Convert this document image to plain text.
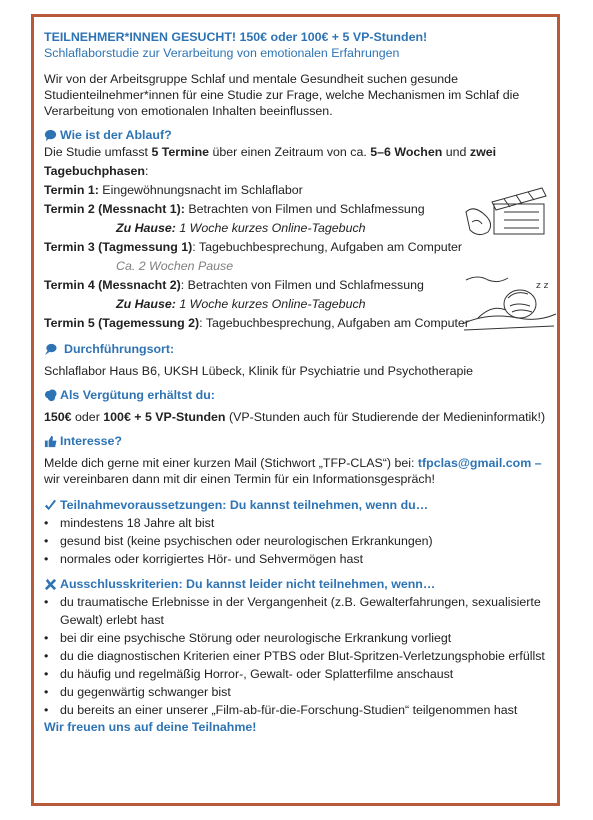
TEILNEHMER*INNEN GESUCHT! 150€ oder 100€ + 5 VP-Stunden!

Schlaflaborstudie zur Verarbeitung von emotionalen Erfahrungen

Wir von der Arbeitsgruppe Schlaf und mentale Gesundheit suchen gesunde Studienteilnehmer*innen für eine Studie zur Frage, welche Mechanismen im Schlaf die Verarbeitung von emotionalen Inhalten beeinflussen.

Wie ist der Ablauf?

Die Studie umfasst 5 Termine über einen Zeitraum von ca. 5–6 Wochen und zwei
Tagebuchphasen:

Termin 1: Eingewöhnungsnacht im Schlaflabor

Termin 2 (Messnacht 1): Betrachten von Filmen und Schlafmessung

Zu Hause: 1 Woche kurzes Online-Tagebuch

Termin 3 (Tagmessung 1): Tagebuchbesprechung, Aufgaben am Computer

Ca. 2 Wochen Pause

Termin 4 (Messnacht 2): Betrachten von Filmen und Schlafmessung

Zu Hause: 1 Woche kurzes Online-Tagebuch

Termin 5 (Tagemessung 2): Tagebuchbesprechung, Aufgaben am Computer

Durchführungsort:

Schlaflabor Haus B6, UKSH Lübeck, Klinik für Psychiatrie und Psychotherapie

Als Vergütung erhältst du:

150€ oder 100€ + 5 VP-Stunden (VP-Stunden auch für Studierende der Medieninformatik!)

Interesse?

Melde dich gerne mit einer kurzen Mail (Stichwort „TFP-CLAS“) bei: tfpclas@gmail.com –
wir vereinbaren dann mit dir einen Termin für ein Informationsgespräch!

Teilnahmevoraussetzungen: Du kannst teilnehmen, wenn du…
• mindestens 18 Jahre alt bist
• gesund bist (keine psychischen oder neurologischen Erkrankungen)
• normales oder korrigiertes Hör- und Sehvermögen hast
Ausschlusskriterien: Du kannst leider nicht teilnehmen, wenn…
• du traumatische Erlebnisse in der Vergangenheit (z.B. Gewalterfahrungen, sexualisierte Gewalt) erlebt hast
• bei dir eine psychische Störung oder neurologische Erkrankung vorliegt
• du die diagnostischen Kriterien einer PTBS oder Blut-Spritzen-Verletzungsphobie erfüllst
• du häufig und regelmäßig Horror-, Gewalt- oder Splatterfilme anschaust
• du gegenwärtig schwanger bist
• du bereits an einer unserer „Film-ab-für-die-Forschung-Studien“ teilgenommen hast

Wir freuen uns auf deine Teilnahme!

z z
